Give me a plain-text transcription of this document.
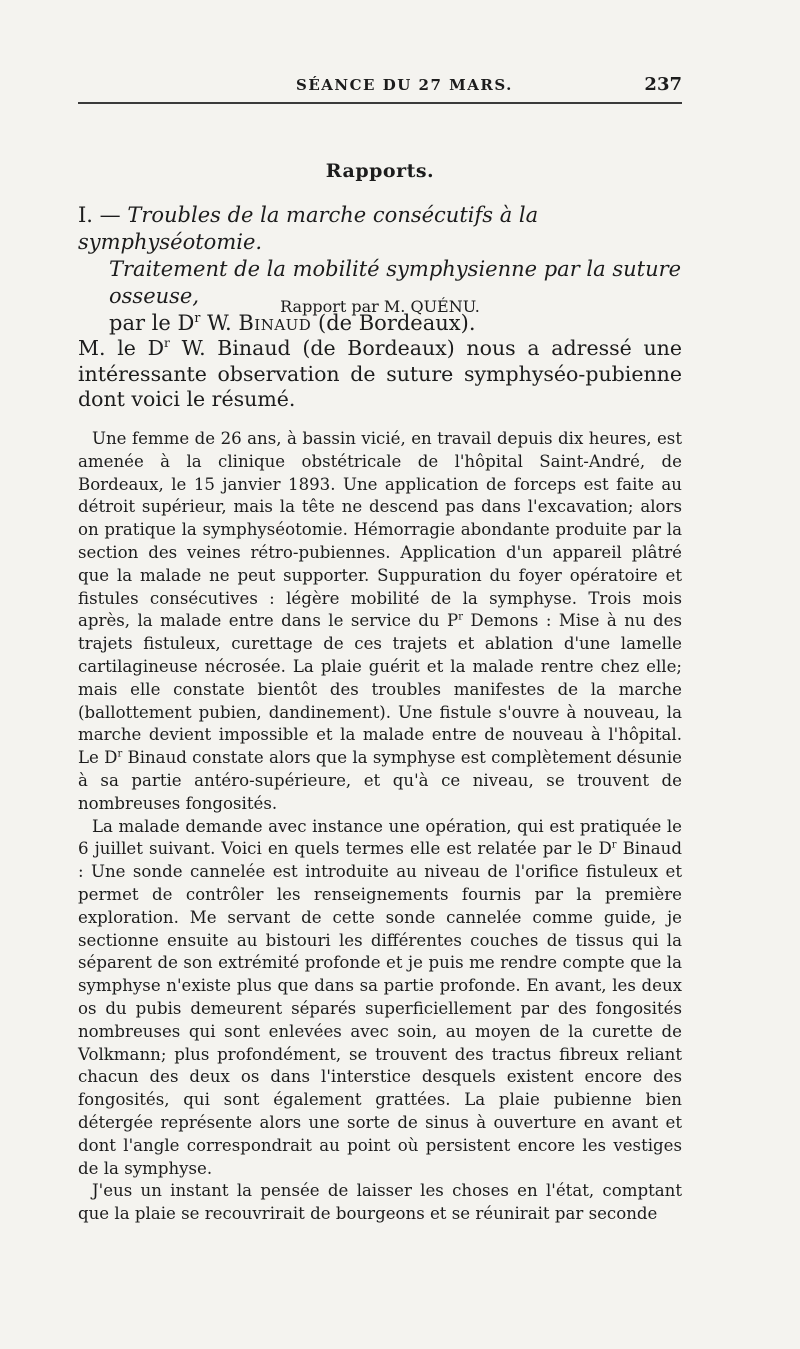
SÉANCE DU 27 MARS.	237
Rapports.
I. — Troubles de la marche consécutifs à la symphyséotomie.
Traitement de la mobilité symphysienne par la suture osseuse,
par le $D^r$ W. Binaud (de Bordeaux).
Rapport par M. QUÉNU.
M. le $D^r$ W. Binaud (de Bordeaux) nous a adressé une intéressante observation de suture symphyséo-pubienne dont voici le résumé.

Une femme de 26 ans, à bassin vicié, en travail depuis dix heures, est amenée à la clinique obstétricale de l'hôpital Saint-André, de Bordeaux, le 15 janvier 1893. Une application de forceps est faite au détroit supérieur, mais la tête ne descend pas dans l'excavation; alors on pratique la symphyséotomie. Hémorragie abondante produite par la section des veines rétro-pubiennes. Application d'un appareil plâtré que la malade ne peut supporter. Suppuration du foyer opératoire et fistules consécutives : légère mobilité de la symphyse. Trois mois après, la malade entre dans le service du $P^r$ Demons : Mise à nu des trajets fistuleux, curettage de ces trajets et ablation d'une lamelle cartilagineuse nécrosée. La plaie guérit et la malade rentre chez elle; mais elle constate bientôt des troubles manifestes de la marche (ballottement pubien, dandinement). Une fistule s'ouvre à nouveau, la marche devient impossible et la malade entre de nouveau à l'hôpital. Le $D^r$ Binaud constate alors que la symphyse est complètement désunie à sa partie antéro-supérieure, et qu'à ce niveau, se trouvent de nombreuses fongosités.

La malade demande avec instance une opération, qui est pratiquée le 6 juillet suivant. Voici en quels termes elle est relatée par le $D^r$ Binaud : Une sonde cannelée est introduite au niveau de l'orifice fistuleux et permet de contrôler les renseignements fournis par la première exploration. Me servant de cette sonde cannelée comme guide, je sectionne ensuite au bistouri les différentes couches de tissus qui la séparent de son extrémité profonde et je puis me rendre compte que la symphyse n'existe plus que dans sa partie profonde. En avant, les deux os du pubis demeurent séparés superficiellement par des fongosités nombreuses qui sont enlevées avec soin, au moyen de la curette de Volkmann; plus profondément, se trouvent des tractus fibreux reliant chacun des deux os dans l'interstice desquels existent encore des fongosités, qui sont également grattées. La plaie pubienne bien détergée représente alors une sorte de sinus à ouverture en avant et dont l'angle correspondrait au point où persistent encore les vestiges de la symphyse.

J'eus un instant la pensée de laisser les choses en l'état, comptant que la plaie se recouvrirait de bourgeons et se réunirait par seconde
